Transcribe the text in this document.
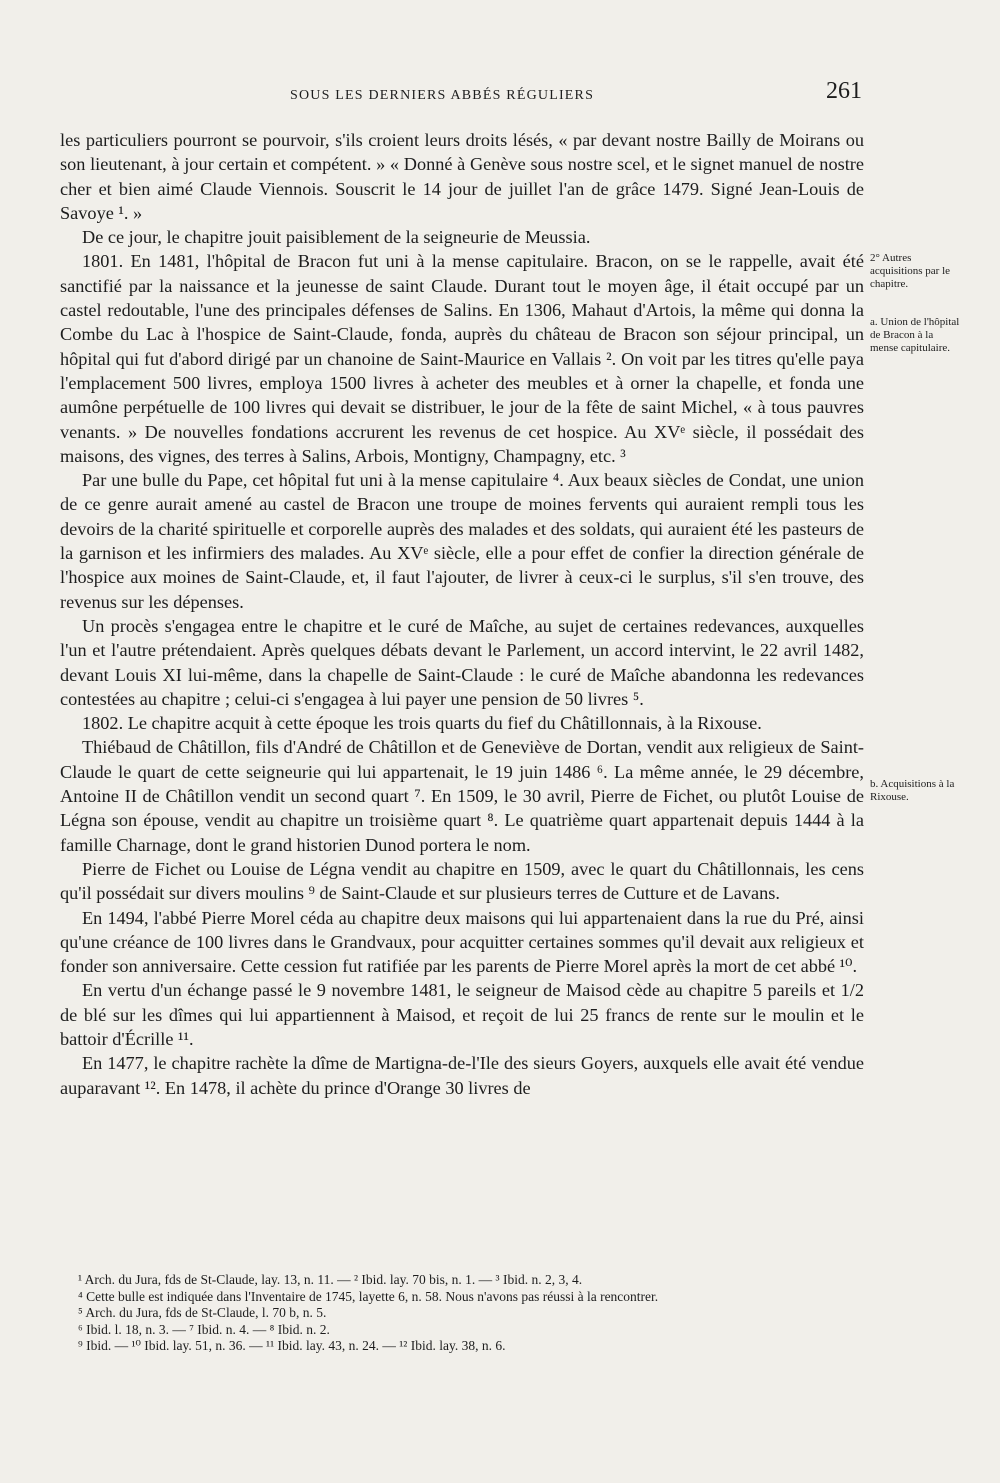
SOUS LES DERNIERS ABBÉS RÉGULIERS	261

les particuliers pourront se pourvoir, s'ils croient leurs droits lésés, « par devant nostre Bailly de Moirans ou son lieutenant, à jour certain et compétent. » « Donné à Genève sous nostre scel, et le signet manuel de nostre cher et bien aimé Claude Viennois. Souscrit le 14 jour de juillet l'an de grâce 1479. Signé Jean-Louis de Savoye ¹. »

De ce jour, le chapitre jouit paisiblement de la seigneurie de Meussia.

1801. En 1481, l'hôpital de Bracon fut uni à la mense capitulaire. Bracon, on se le rappelle, avait été sanctifié par la naissance et la jeunesse de saint Claude. Durant tout le moyen âge, il était occupé par un castel redoutable, l'une des principales défenses de Salins. En 1306, Mahaut d'Artois, la même qui donna la Combe du Lac à l'hospice de Saint-Claude, fonda, auprès du château de Bracon son séjour principal, un hôpital qui fut d'abord dirigé par un chanoine de Saint-Maurice en Vallais ². On voit par les titres qu'elle paya l'emplacement 500 livres, employa 1500 livres à acheter des meubles et à orner la chapelle, et fonda une aumône perpétuelle de 100 livres qui devait se distribuer, le jour de la fête de saint Michel, « à tous pauvres venants. » De nouvelles fondations accrurent les revenus de cet hospice. Au XVᵉ siècle, il possédait des maisons, des vignes, des terres à Salins, Arbois, Montigny, Champagny, etc. ³

Par une bulle du Pape, cet hôpital fut uni à la mense capitulaire ⁴. Aux beaux siècles de Condat, une union de ce genre aurait amené au castel de Bracon une troupe de moines fervents qui auraient rempli tous les devoirs de la charité spirituelle et corporelle auprès des malades et des soldats, qui auraient été les pasteurs de la garnison et les infirmiers des malades. Au XVᵉ siècle, elle a pour effet de confier la direction générale de l'hospice aux moines de Saint-Claude, et, il faut l'ajouter, de livrer à ceux-ci le surplus, s'il s'en trouve, des revenus sur les dépenses.

Un procès s'engagea entre le chapitre et le curé de Maîche, au sujet de certaines redevances, auxquelles l'un et l'autre prétendaient. Après quelques débats devant le Parlement, un accord intervint, le 22 avril 1482, devant Louis XI lui-même, dans la chapelle de Saint-Claude : le curé de Maîche abandonna les redevances contestées au chapitre ; celui-ci s'engagea à lui payer une pension de 50 livres ⁵.

1802. Le chapitre acquit à cette époque les trois quarts du fief du Châtillonnais, à la Rixouse.

Thiébaud de Châtillon, fils d'André de Châtillon et de Geneviève de Dortan, vendit aux religieux de Saint-Claude le quart de cette seigneurie qui lui appartenait, le 19 juin 1486 ⁶. La même année, le 29 décembre, Antoine II de Châtillon vendit un second quart ⁷. En 1509, le 30 avril, Pierre de Fichet, ou plutôt Louise de Légna son épouse, vendit au chapitre un troisième quart ⁸. Le quatrième quart appartenait depuis 1444 à la famille Charnage, dont le grand historien Dunod portera le nom.

Pierre de Fichet ou Louise de Légna vendit au chapitre en 1509, avec le quart du Châtillonnais, les cens qu'il possédait sur divers moulins ⁹ de Saint-Claude et sur plusieurs terres de Cutture et de Lavans.

En 1494, l'abbé Pierre Morel céda au chapitre deux maisons qui lui appartenaient dans la rue du Pré, ainsi qu'une créance de 100 livres dans le Grandvaux, pour acquitter certaines sommes qu'il devait aux religieux et fonder son anniversaire. Cette cession fut ratifiée par les parents de Pierre Morel après la mort de cet abbé ¹⁰.

En vertu d'un échange passé le 9 novembre 1481, le seigneur de Maisod cède au chapitre 5 pareils et 1/2 de blé sur les dîmes qui lui appartiennent à Maisod, et reçoit de lui 25 francs de rente sur le moulin et le battoir d'Écrille ¹¹.

En 1477, le chapitre rachète la dîme de Martigna-de-l'Ile des sieurs Goyers, auxquels elle avait été vendue auparavant ¹². En 1478, il achète du prince d'Orange 30 livres de

2° Autres acquisitions par le chapitre.
a. Union de l'hôpital de Bracon à la mense capitulaire.
b. Acquisitions à la Rixouse.

¹ Arch. du Jura, fds de St-Claude, lay. 13, n. 11. — ² Ibid. lay. 70 bis, n. 1. — ³ Ibid. n. 2, 3, 4.

⁴ Cette bulle est indiquée dans l'Inventaire de 1745, layette 6, n. 58. Nous n'avons pas réussi à la rencontrer.

⁵ Arch. du Jura, fds de St-Claude, l. 70 b, n. 5.

⁶ Ibid. l. 18, n. 3. — ⁷ Ibid. n. 4. — ⁸ Ibid. n. 2.

⁹ Ibid. — ¹⁰ Ibid. lay. 51, n. 36. — ¹¹ Ibid. lay. 43, n. 24. — ¹² Ibid. lay. 38, n. 6.
